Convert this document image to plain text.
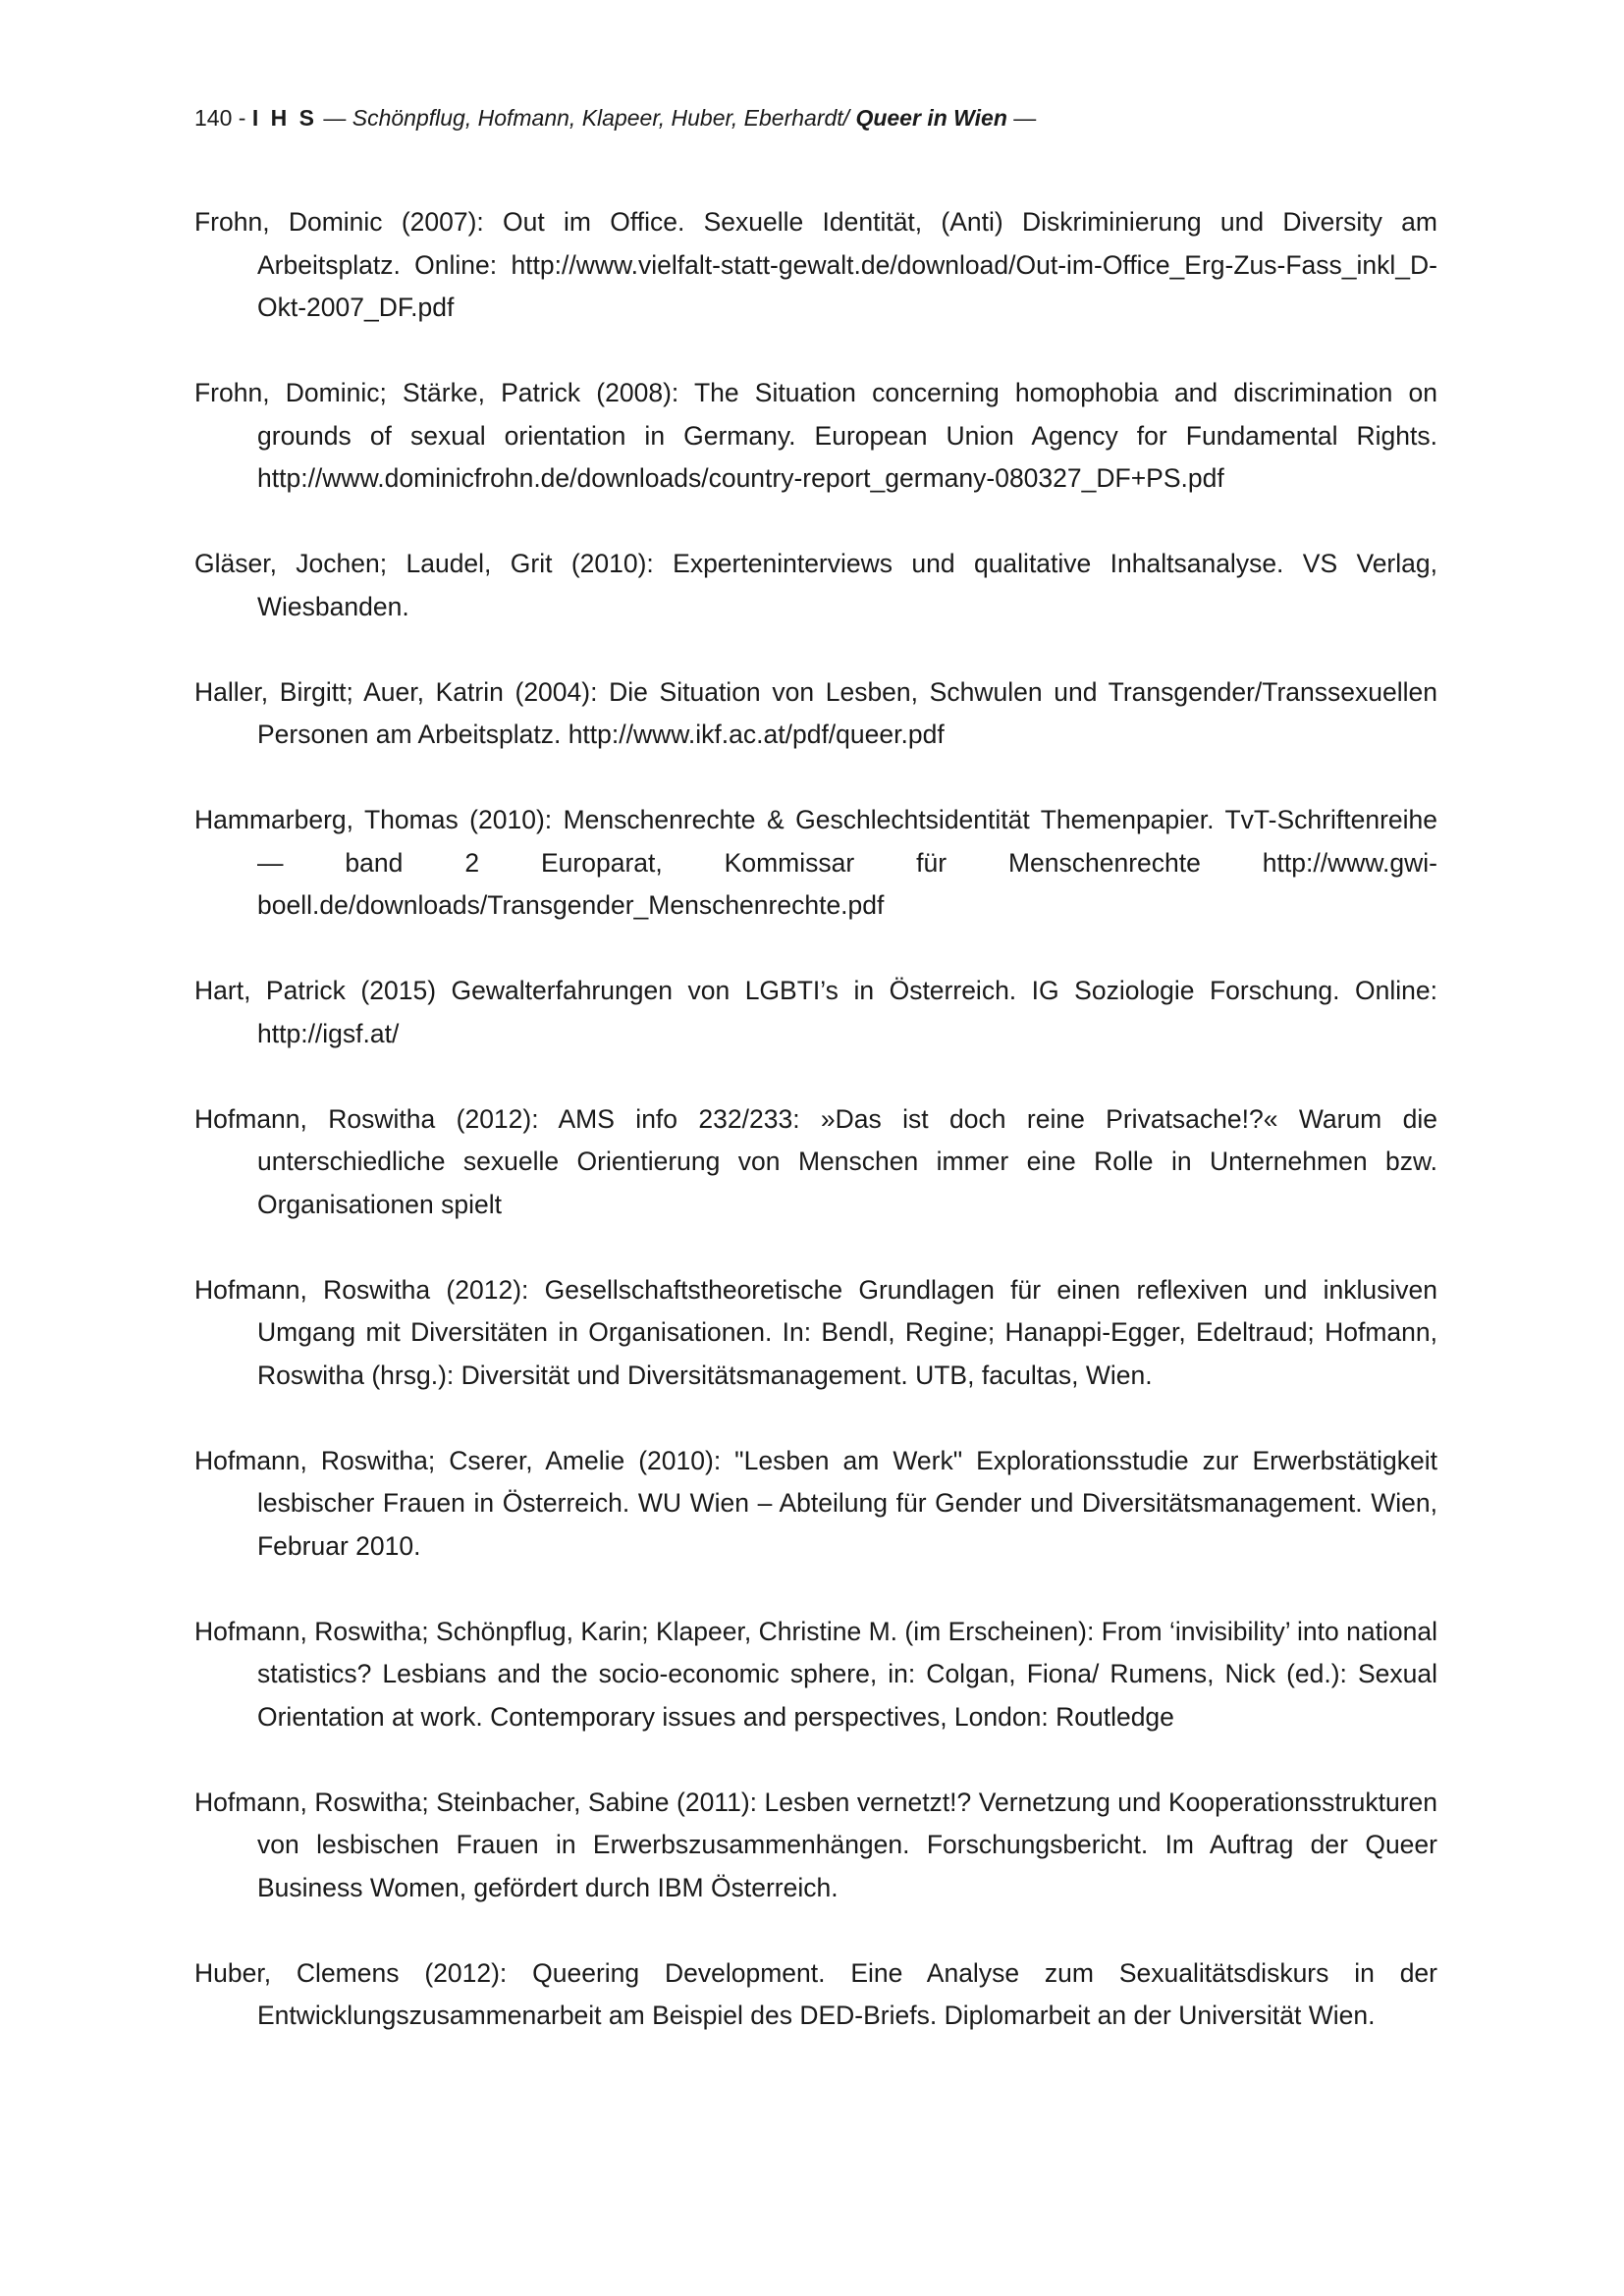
140 - I H S — Schönpflug, Hofmann, Klapeer, Huber, Eberhardt/ Queer in Wien —

Frohn, Dominic (2007): Out im Office. Sexuelle Identität, (Anti) Diskriminierung und Diversity am Arbeitsplatz. Online: http://www.vielfalt-statt-gewalt.de/download/Out-im-Office_Erg-Zus-Fass_inkl_D-Okt-2007_DF.pdf

Frohn, Dominic; Stärke, Patrick (2008): The Situation concerning homophobia and discrimination on grounds of sexual orientation in Germany. European Union Agency for Fundamental Rights. http://www.dominicfrohn.de/downloads/country-report_germany-080327_DF+PS.pdf

Gläser, Jochen; Laudel, Grit (2010): Experteninterviews und qualitative Inhaltsanalyse. VS Verlag, Wiesbanden.

Haller, Birgitt; Auer, Katrin (2004): Die Situation von Lesben, Schwulen und Transgender/Transsexuellen Personen am Arbeitsplatz. http://www.ikf.ac.at/pdf/queer.pdf

Hammarberg, Thomas (2010): Menschenrechte & Geschlechtsidentität Themenpapier. TvT-Schriftenreihe — band 2 Europarat, Kommissar für Menschenrechte http://www.gwi-boell.de/downloads/Transgender_Menschenrechte.pdf

Hart, Patrick (2015) Gewalterfahrungen von LGBTI’s in Österreich. IG Soziologie Forschung. Online: http://igsf.at/

Hofmann, Roswitha (2012): AMS info 232/233: »Das ist doch reine Privatsache!?« Warum die unterschiedliche sexuelle Orientierung von Menschen immer eine Rolle in Unternehmen bzw. Organisationen spielt

Hofmann, Roswitha (2012): Gesellschaftstheoretische Grundlagen für einen reflexiven und inklusiven Umgang mit Diversitäten in Organisationen. In: Bendl, Regine; Hanappi-Egger, Edeltraud; Hofmann, Roswitha (hrsg.): Diversität und Diversitätsmanagement. UTB, facultas, Wien.

Hofmann, Roswitha; Cserer, Amelie (2010): "Lesben am Werk" Explorationsstudie zur Erwerbstätigkeit lesbischer Frauen in Österreich. WU Wien – Abteilung für Gender und Diversitätsmanagement. Wien, Februar 2010.

Hofmann, Roswitha; Schönpflug, Karin; Klapeer, Christine M. (im Erscheinen): From ‘invisibility’ into national statistics? Lesbians and the socio-economic sphere, in: Colgan, Fiona/ Rumens, Nick (ed.): Sexual Orientation at work. Contemporary issues and perspectives, London: Routledge

Hofmann, Roswitha; Steinbacher, Sabine (2011): Lesben vernetzt!? Vernetzung und Kooperationsstrukturen von lesbischen Frauen in Erwerbszusammenhängen. Forschungsbericht. Im Auftrag der Queer Business Women, gefördert durch IBM Österreich.

Huber, Clemens (2012): Queering Development. Eine Analyse zum Sexualitätsdiskurs in der Entwicklungszusammenarbeit am Beispiel des DED-Briefs. Diplomarbeit an der Universität Wien.
